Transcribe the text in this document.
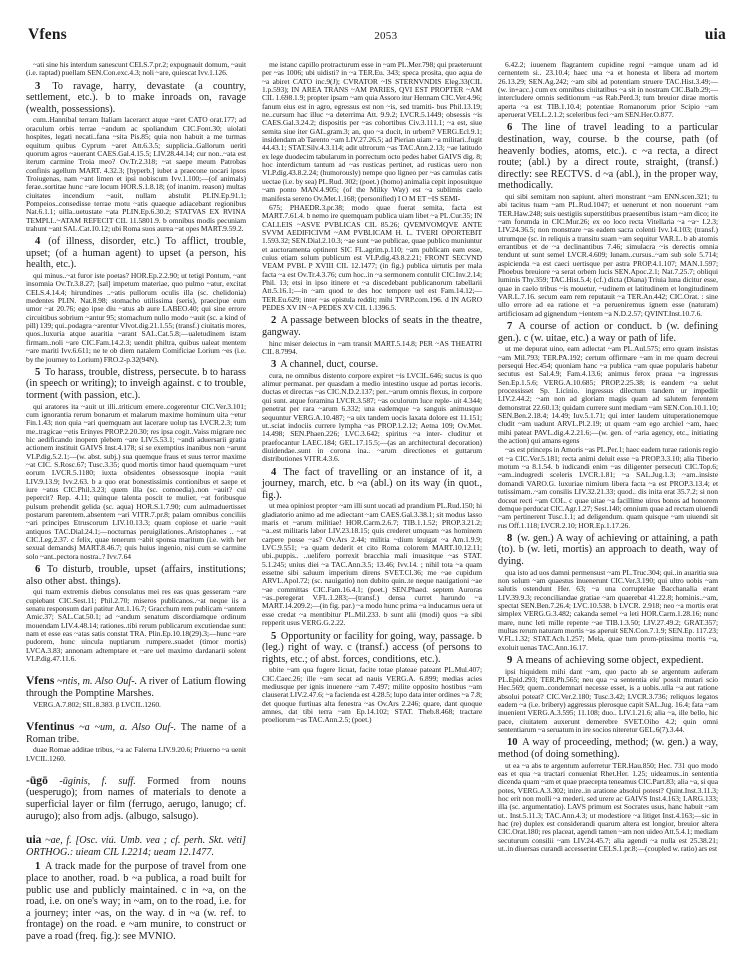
Vfens	2053	uia

~ati sine his interdum sanescunt CELS.7.pr.2; expugnauit domum, ~auit (i.e. raptad) puellam SEN.Con.exc.4.3; noli ~are, quiescat Ivv.1.126.

3 To ravage, harry, devastate (a country, settlement, etc.). b to make inroads on, ravage (wealth, possessions).

cum..Hannibal terram Italiam lacerarct atque ~aret CATO orat.177; ad oraculum orbis terrae ~andum ac spoliandum CIC.Font.30; uiolati hospites, legati necati..fana ~sita Pis.85; quia non habuit a me turmas equitum quibus Cyprum ~aret Att.6.3.5; supplicia..Gallorum ueriti quorum agros ~auerant CAES.Gal.4.15.5; LIV.28.44.14; cur non..~ata est iterum carmine Troia meo? Ov.Tr.2.318; ~at saepe meum Patrobas confinis agellum MART. 4.32.3; [hyperb.] iubet a praecone uocari ipsos Troiugenas, nam ~ant limen et ipsi nobiscum Ivv.1.100;—(of animals) ferae..sortitae hunc ~are locum HOR.S.1.8.18; (of inanim. reason) multas ciuitates incendium ~auit, nullam abstulit PLIN.Ep.91.1; Pompeios..consedisse terrae motu ~atis quaeque adiacebant regionibus Nat.6.1.1; uilla..uetustate ~ata PLIN.Ep.6.30.2; STATVAS EX RVINA TEMPLI..~ATAM REFECIT CIL 11.5801.9. b omnibus modis pecuniam trahunt ~ant SAL.Cat.10.12; ubi Roma suos aurea ~at opes MART.9.59.2.

4 (of illness, disorder, etc.) To afflict, trouble, upset; (of a human agent) to upset (a person, his health, etc.).

qui minus..~at furor iste poetas? HOR.Ep.2.2.90; ut tetigi Pontum, ~ant insomnia Ov.Tr.3.8.27; [sal] impetum materiae, quo pulmo ~atur, excitat CELS.4.14.4; hirundines ..~atis pullorum oculis illa (sc. chelidonia) medentes PLIN. Nat.8.98; stomacho utilissima (seris), praecipue eum umor ~at 20.76; ego ipse diu ~atus ab aure LABEO.40; qui sine errore circuitibus sobrium ~antur 95; stomachum nullo modo ~auit (sc. a kind of pill) 139; qui..podagra ~arentur Vlvot.dig.21.1.55; (transf.) ciuitatis mores, quos..luxuria atque auaritia ~arant SAL.Cat.5.8;—ualetudinem istam firmam..noli ~are CIC.Fam.14.2.3; uendit philtra, quibus ualeat mentem ~are mariti Ivv.6.611; ne te ob diem natalem Comificiae Lorium ~es (i.e. by the journey to Lorium) FRO.2-p.32(94N).

5 To harass, trouble, distress, persecute. b to harass (in speech or writing); to inveigh against. c to trouble, torment (with passion, etc.).

qui aratores ita ~auit ut illi..triticum emere..cogerentur CIC.Ver.3.101; cum ignorantia rerum bonarum et malarum maxime hominum uita ~etur Fin.1.43; non quia ~ari quemquam aut lacerare uolup tas LVCR.2.3; tum me..tragicae ~etis Erinyes PROP.2.20.30; res ipsa cogit..Vaiss migrare nec hic aedificando inopem plebem ~are LIV.5.53.1; ~andi aduersarii gratia actionem instituit GAIVS Inst.4.178; si se exemptius inanibus non ~arunt VLP.dig.5.2.1;—(w. abst. subj.) sua quemque fraus et suus terror maxime ~at CIC. S.Rosc.67; Tusc.3.35; quod mortis timor haud quemquam ~uret eorum LVCR.5.1180; iuxta obsidentes obsessosque inopia ~auit LIV.9.13.9; Ivv.2.63. b a quo erat bonestissimis contionibus et saepe et iure ~atus CIC.Phil.3.23; quem illa (sc. comoedia)..non ~auit? cui pepercit? Rep. 4.11; quinque talenta poscit te mulier, ~at foribusque pulsum prehendit gelida (sc. aqua) HOR.S.1.7.90; cum aulmaduertisset postarum parentem..absentem ~ari VITR.7.pr.8; palam omnibus conciliis ~ari principes Etruscorum LIV.10.13.3; quam copiose et uarie ~auit antiquos TAC.Dial.24.1;—nocturnas peruigilationes..Aristophanes .. ~at CIC.Leg.2.37. c felix, quae tenerum ~abit sponsa maritum (i.e. with her sexual demands) MART.8.46.7; quis huius ingenio, nisi cum se carmine solo ~ant..pectora nostra..? Ivv.7.64

6 To disturb, trouble, upset (affairs, institutions; also other abst. things).

qui tuam extremis diebus consulatus mei res eas quas gesseram ~are cupiebant CIC.Sest.11; Phil.2.70; miseros publicanos..~at neque iis a senatu responsum dari patitur Att.1.16.7; Gracchum rem publicam ~antem Amic.37; SAL.Cat.50.1; ad ~andum senatum discordiamque ordinum mouendam LIV.4.48.14; rationes..tibi rerum publicarum excutiendae sunt: nam et esse eas ~atas satis constat TRA. Plin.Ep.10.18(29).3;—hunc ~are pudorem, hunc uincula nuptiarum rumpere..suadet (timor mortis) LVCA.3.83; annonam adtemptare et ~are uel maximo dardanarii solent VLP.dig.47.11.6.

Vfens ~ntis, m. Also Ouf-. A river of Latium flowing through the Pomptine Marshes.

VERG.A.7.802; SIL.8.383. β LVCIL.1260.

Vfentinus ~a ~um, a. Also Ouf-. The name of a Roman tribe.

duae Romae additae tribus, ~a ac Falerna LIV.9.20.6; Priuerno ~a uenit LVCIL.1260.

-ūgō -ūginis, f. suff. Formed from nouns (uesperugo); from names of materials to denote a superficial layer or film (ferrugo, aerugo, lanugo; cf. aurugo); also from adjs. (albugo, salsugo).

uia ~ae, f. [Osc. viú. Umb. vea ; cf. perh. Skt. véti] ORTHOG.: uieam CIL I.2214; ueam 12.1477.

1 A track made for the purpose of travel from one place to another, road. b ~a publica, a road built for public use and publicly maintained. c in ~a, on the road, i.e. on one's way; in ~am, on to the road, i.e. for a journey; inter ~as, on the way. d in ~a (w. ref. to frontage) on the road. e ~am munire, to construct or pave a road (freq. fig.): see MVNIO.

me istanc capillo protracturum esse in ~am PL.Mer.798; qui praeteruunt per ~as 1006; ubi uidisti? in ~a TER.Eu. 343; speca prosita, quo aqua de ~a abiret CATO inc.9(J); CVRATOR ~IS STERNVNDIS Eleg.33(CIL 1.p.593); IN AREA TRANS ~AM PARIES, QVI EST PROPTER ~AM CIL 1.698.1.9; propter ipsam ~am quia Assoro itur Hennam CIC.Ver.4.96; fanum eius est in agro, egressus est non ~is, sed tramiti- bus Phil.13.19; ne..cursum hac illuc ~a deterrima Att. 9.9.2; LVCR.5.1449; obsessis ~is CAES.Gal.3.24.2; dispositis per ~as cohortibus Civ.3.111.1; ~a est, siue semita siue iter GAL.gram.3; an, quo ~a ducit, in urbem? VERG.Ecl.9.1; insidendam ab Tarento ~am LIV.27.26.5; ad Pierian uiam ~a militari..fugit 44.43.1; STAT.Silv.4.3.114; adit ultrorum ~as TAC.Ann.2.13; ~ae latitudo ex lege duodecim tabularum in porrectum octo pedes habet GAIVS dig. 8; hoc interdictum tantum ad ~as rusticas pertinet, ad rusticas uero non VLP.dig.43.8.2.24; (humorously) nempe quo ligneo per ~as camulas catis uectae (i.e. by sea) PL.Rud. 302; (poet.) (homo) animalia cepit inposuitque ~am ponto MAN.4.905; (of the Milky Way) est ~a sublimis caelo manifesta sereno Ov.Met.1.168; (personified) I O M ET ~IS SEMI-

675; PHAEDR.3.pr.38; modo quae fuerat semita, facta est MART.7.61.4. b nemo ire quemquam publica uiam libet ~a PL.Cur.35; IN CALLEIS ~ASVE PVBLICAS CIL 85.26; QVEMVOMQVE ANTE SVVM AEDIFICIVM ~AM PVBLICAM H. L. TVERI OPORTEBIT 1.593.32; SEN.Dial.2.10.3; ~ae sunt ~ae publicae, quae publico muniuntur et auctoramenta optinent SIC FL.agrim.p.110; ~am publicam eam esse, cuius etiam solum publicum est VLP.dig.43.8.2.21; FRONT SECVND VEAM PVBL P XVIII CIL 12.1477; (in fig.) publica uirtutis per mala facta ~a est Ov.Tr.4.3.76; cum hoc..in ~a sermonem contulit CIC.Inv.2.14; Phil. 13; etsi in ipso itinere et ~a discedebant publicanorum tabellarii Att.5.16.1;—in ~am quod te des hoc tempore uel est Fam.14.12;—TER.Eu.629; inter ~as epistula reddit; mihi TVRP.com.196. d IN AGRO PEDES XV IN ~A PEDES XV CIL 1.1396.5.

2 A passage between blocks of seats in the theatre, gangway.

hinc miser deiectus in ~am transit MART.5.14.8; PER ~AS THEATRI CIL 8.7994.

3 A channel, duct, course.

cura, ne omnibus distento corpore expiret ~is LVCIL.646; sucus is quo alimur permanat. per quasdam a medio intestino usque ad portas iecoris. ductas et directas ~as CIC.N.D.2.137; per..~arum omnis flexus, in corpore qui sunt. atque foramina LVCR.3.587; ~as oculorum luce reple- uit 4.344; penetrat per rara ~arum 6.332; una eademque ~a sanguis animusque sequuntur VERG.A.10.487; ~a uix tandem uocis laxata dolore est 11.151; ut..sciat indociis currere lympha ~as PROP.1.2.12; Aetna 109; Ov.Met. 14.498; SEN.Phaen.226; LVC.3.642; spiritus ~a inter- cluditur et praefocantur LAEC.184; GEL.17.15.5;—(as an architectural decoration) diuidendae..sunt in corona ina.. ~arum directiones et guttarum distributiones VITR.4.3.6.

4 The fact of travelling or an instance of it, a journey, march, etc. b ~a (abl.) on its way (in quot., fig.).

ut mea opiniost propter ~am illi sunt uocati ad prandium PL.Rud.150; hi gladiatorio animo ad me adiectant ~am CAES.Gal.3.38.1; sit modus lasso maris et ~arum militiae! HOR.Carm.2.6.7; TIB.1.1.52; PROP.3.21.2; ~a..est militaris labor LIV.23.18.15; quis crederet umquam ~as hominem carpere posse ~as? Ov.Ars 2.44; militia ~dium leuigat ~a Am.1.9.9; LVC.9.551; ~a quam dederit et cito Roma colorem MART.10.12.11; ubi..puppis.. ..uelifero porrexit bracchia mali inuasitque ~as STAT. 5.1.245; unius diei ~a TAC.Ann.3.5; 13.46; Ivv.14. ; nihil tota ~a quam essetne sibi saluum imperium direns SVET.Cl.36; me ~ae cupidum ARVL.Apol.72; (sc. nauigatio) non dubito quin..te neque nauigationi ~ae ~ae committas CIC.Fam.16.4.1; (poet.) SEN.Phaed. septem Auroras ~as..peregerat V.FL.1.283;—(transf.) densa curret harundo ~a MART.14.209.2;—(in fig. par.) ~a modo hunc prima ~a inducamus uera ut esse credat ~a mentibitur PL.Mil.233. b sunt alii (modi) quos ~a sibi repperit usus VERG.G.2.22.

5 Opportunity or facility for going, way, passage. b (leg.) right of way. c (transf.) access (of persons to rights, etc.; of abst. forces, conditions, etc.).

ubite ~am qua fugere licuat, facite totae plateae pateant PL.Mul.407; CIC.Caec.26; ille ~am secat ad nauis VERG.A. 6.899; medias acies mediusque per ignis inuenere ~am 7.497; milite opposito hostibus ~am clauserat LIV.2.47.6; ~a facienda est 4.28.5; lupo data inter ordines ~a 7.8; det quoque furtiuas alta fenestra ~as Ov.Ars 2.246; quare, dant quoque amnes, dat tibi terra ~am Ep.14.102; STAT. Theb.8.468; tractare proeliorum ~as TAC.Ann.2.5; (poet.)

6.42.2; iuuenem flagrantem cupidine regni ~amque unam ad id cernentem si.. 23.10.4; haec una ~a et honesta et libera ad mortem 26.13.29; SEN.Ag.242; ~am sibi ad potentiam struere TAC.Hist.3.49;—(w. in+acc.) cum ex omnibus ciuitatibus ~a sit in nostram CIC.Balb.29;—intercludere omnis seditionum ~as Rab.Perd.3; tum breuior dirae mortis aperta ~a est TIB.1.10.4; potentiae Romanorum prior Scipio ~am aperuerat VELL.2.1.2; sceleribus feci ~am SEN.Her.O.877.

6 The line of travel leading to a particular destination, way, course. b the course, path (of heavenly bodies, atoms, etc.). c ~a recta, a direct route; (abl.) by a direct route, straight, (transf.) directly: see RECTVS. d ~a (abl.), in the proper way, methodically.

qui sibi semitam non sapiunt. alteri monstrant ~am ENN.scen.321; tu abi tacitus tuam ~am PL.Rud.1047; et uenerunt et non nouerunt ~am TER.Haw.248; suis uestigiis superstitibus praesentibus istam ~am dico; ite ~am forumda in CIC.Mur.26; ex eo loco recta Vitellaria ~a ~a~ I.2.3; LIV.24.36.5; non monstrare ~as eadem sacra colenti Ivv.14.103; (transf.) utrumque (sc. in reliquis a transitu suam ~am sequitur VAR.L. b ab atomis errantibus et de ~a declinantibus 7.46; simulacra ~is derectis omnia tendunt ut sunt semel LVCR.4.609; lunam..cursus..~am sub sole 5.714; aspicienda ~a est caeci uertisque per astra PROP.4.1.107; MAN.1.597; Phoebus breuiore ~a serat orbem lucis SEN.Apoc.2.1; Nat.7.25.7; obliqui luminis Thy.359; TAC.Hist.5.4; (cf.) dicta (Diana) Triuia luna dicitur esse, quae in caelo tribus ~is mouetur, ~udinem et latitudinem et longitudinem VAR.L.7.16. secum eam rem reputauit ~a TER.An.442; CIC.Orat. : sine ullo errore ad ea ratione et ~a perueniremus ignem esse (naturam) artificiosam ad gignendum ~ientem ~a N.D.2.57; QVINT.Inst.10.7.6.

7 A course of action or conduct. b (w. defining gen.). c (w. uitae, etc.) a way or path of life.

ut me depurat uino, eam adlectat ~am PL.Aul.575; erro quam insistas ~am Mil.793; TER.PA.192; certum offirmare ~am in me quam decreui persequi Hec.454; quoniam hanc ~a publica ~am quae popularis habetur secutus est Sal.4.9; Fam.4.13.6; animus ferox praua ~a ingressus Sen.Ep.1.5.6; VERG.A.10.685; PROP.2.25.38; is eandem ~a uelut processisset Sp. Licinio. ingressus dilectum tandem ur impediit LIV.2.44.2; ~am non ad gloriam magis quam ad salutem ferentem demonstrat 22.60.13; quidam currere sunt mediam ~am SEN.Con.10.1.10; SEN.Ben.2.18.4; 14.49; Iuv.5.1.71; qui inter laudem uituperationemque cludit ~am uadunt ARVL.Pl.2.19; ut quam ~am ego archiel ~am, haec mihi pateat PAVL.dig.4.2.21.6;—(w. gen. of ~aria agency, etc., initiating the action) qui amans egens

~as est princeps in Amoris ~as PL.Per.1; haec eadem turae rationis regio et ~a CIC.Ver.5.181; recta animi deluit esse ~a PROP.3.3.10; alia Tiberio motum ~a 8.1.54. b iudicandi enim ~as diligenter persecuti CIC.Top.6; ~am..indugredi sceleris LVCR.1.81; ~a SAL.Jug.1.3; ~am..insiste domandi VARO.G. luxuriae nimium libera facta ~a est PROP.3.13.4; et tutissimam..~am consilis LIV.32.21.33; quod.. dis inita erat 35.7.2; si non doceat recti ~am COL. c quae uitae ~a facillime uiros bonos ad honorem demque perducat CIC.Agr.1.27; Sest.140; omnium quae ad rectam uiuendi ~am pertinerent Tusc.1.1; ad deligendum. quam quisque ~am uiuendi sit rus Off.1.118; LVCR.2.10; HOR.Ep.1.17.26.

8 (w. gen.) A way of achieving or attaining, a path (to). b (w. leti, mortis) an approach to death, way of dying.

qua isto ad uos damni permensust ~am PL.Truc.304; qui..in auaritia sua non solum ~am quaestus inuenerunt CIC.Ver.3.190; qui ultro uobis ~am salutis ostendunt Her. 63; ~a una corruptelae Bacchanalia erant LIV.39.9.3; reconciliandae gratiae ~am quaerebat 41.22.8; hominis..~am, spectat SEN.Ben.7.26.4; LVC.10.538. b LVCR. 2.918; neo ~a mortis erat simplex VERG.G.3.482; cakanda semel ~a leti HOR.Carm.1.28.16; nunc mare, nunc leti mille repente ~ae TIB.1.3.50; LIV.27.49.2; GRAT.357; multas rerum naturam mortis ~as aperuit SEN.Con.7.1.9; SEN.Ep. 117.23; V.FL.1.32; STAT.Ach.1.257; Mela, quae tum prom-ptissima mortis ~a, exoluit uenas TAC.Ann.16.17.

9 A means of achieving some object, expedient.

ipsi hiquidem mihi dant ~am, quo pacto ab se argentum auferam PL.Epid.293; TER.Ph.565; neu qua ~a sententia eiu' possit mutari scio Hec.569; quem..condemnari necesse esset, is a uobis..ulla ~a aut ratione absolui poteat? CIC.Ver.2.180; Tusc.3.42; LVCR.3.736; reliquos legatos eadem ~a (i.e. bribery) aggressus plerosque capit SAL.Jug. 16.4; fata ~am inuenient VERG.A.3.595; 11.108; duo.. LIV.1.21.6; alia ~a, ille bello, hic pace, ciuitatem auxerunt demerebre SVET.Oiho 4.2; quin omni sententiarum ~a seruatum in ire socios niteretur GEL.6(7).3.44.

10 A way of proceeding, method; (w. gen.) a way, method (of doing something).

ut ea ~a abs te argentum auferretur TER.Hau.850; Hec. 731 quo modo eas et qua ~a tractari conueniat Rhet.Her. 1.25; uideamus..in sententia dicenda quam ~am et quae praecepta teneamus CIC.Part.83; alia ~a, si qua potes, VERG.A.3.302; inire..in aratione absolui potest? Quint.Inst.3.11.3; hoc erit non molli ~a mederi, sed urere ac GAIVS Inst.4.163; I.ARG.133; illa (sc. argumentatio). LAVS primum est Socrates usus, hanc habuit ~am ut.. Inst.5.11.3; TAC.Ann.4.3; ut modestiore ~a litiget Inst.4.163;—sic in hac (re) duplex est considerandi quarum altera est longior, breuior altera CIC.Orat.180; res placeat, agendi tamen ~am non uideo Att.5.4.1; mediam secuturum consilii ~am LIV.24.45.7; alia agendi ~a nulla est 25.38.21; ut..in diuersas curandi accesserint CELS.1.pr.8;—(coupled w. ratio) ars est
